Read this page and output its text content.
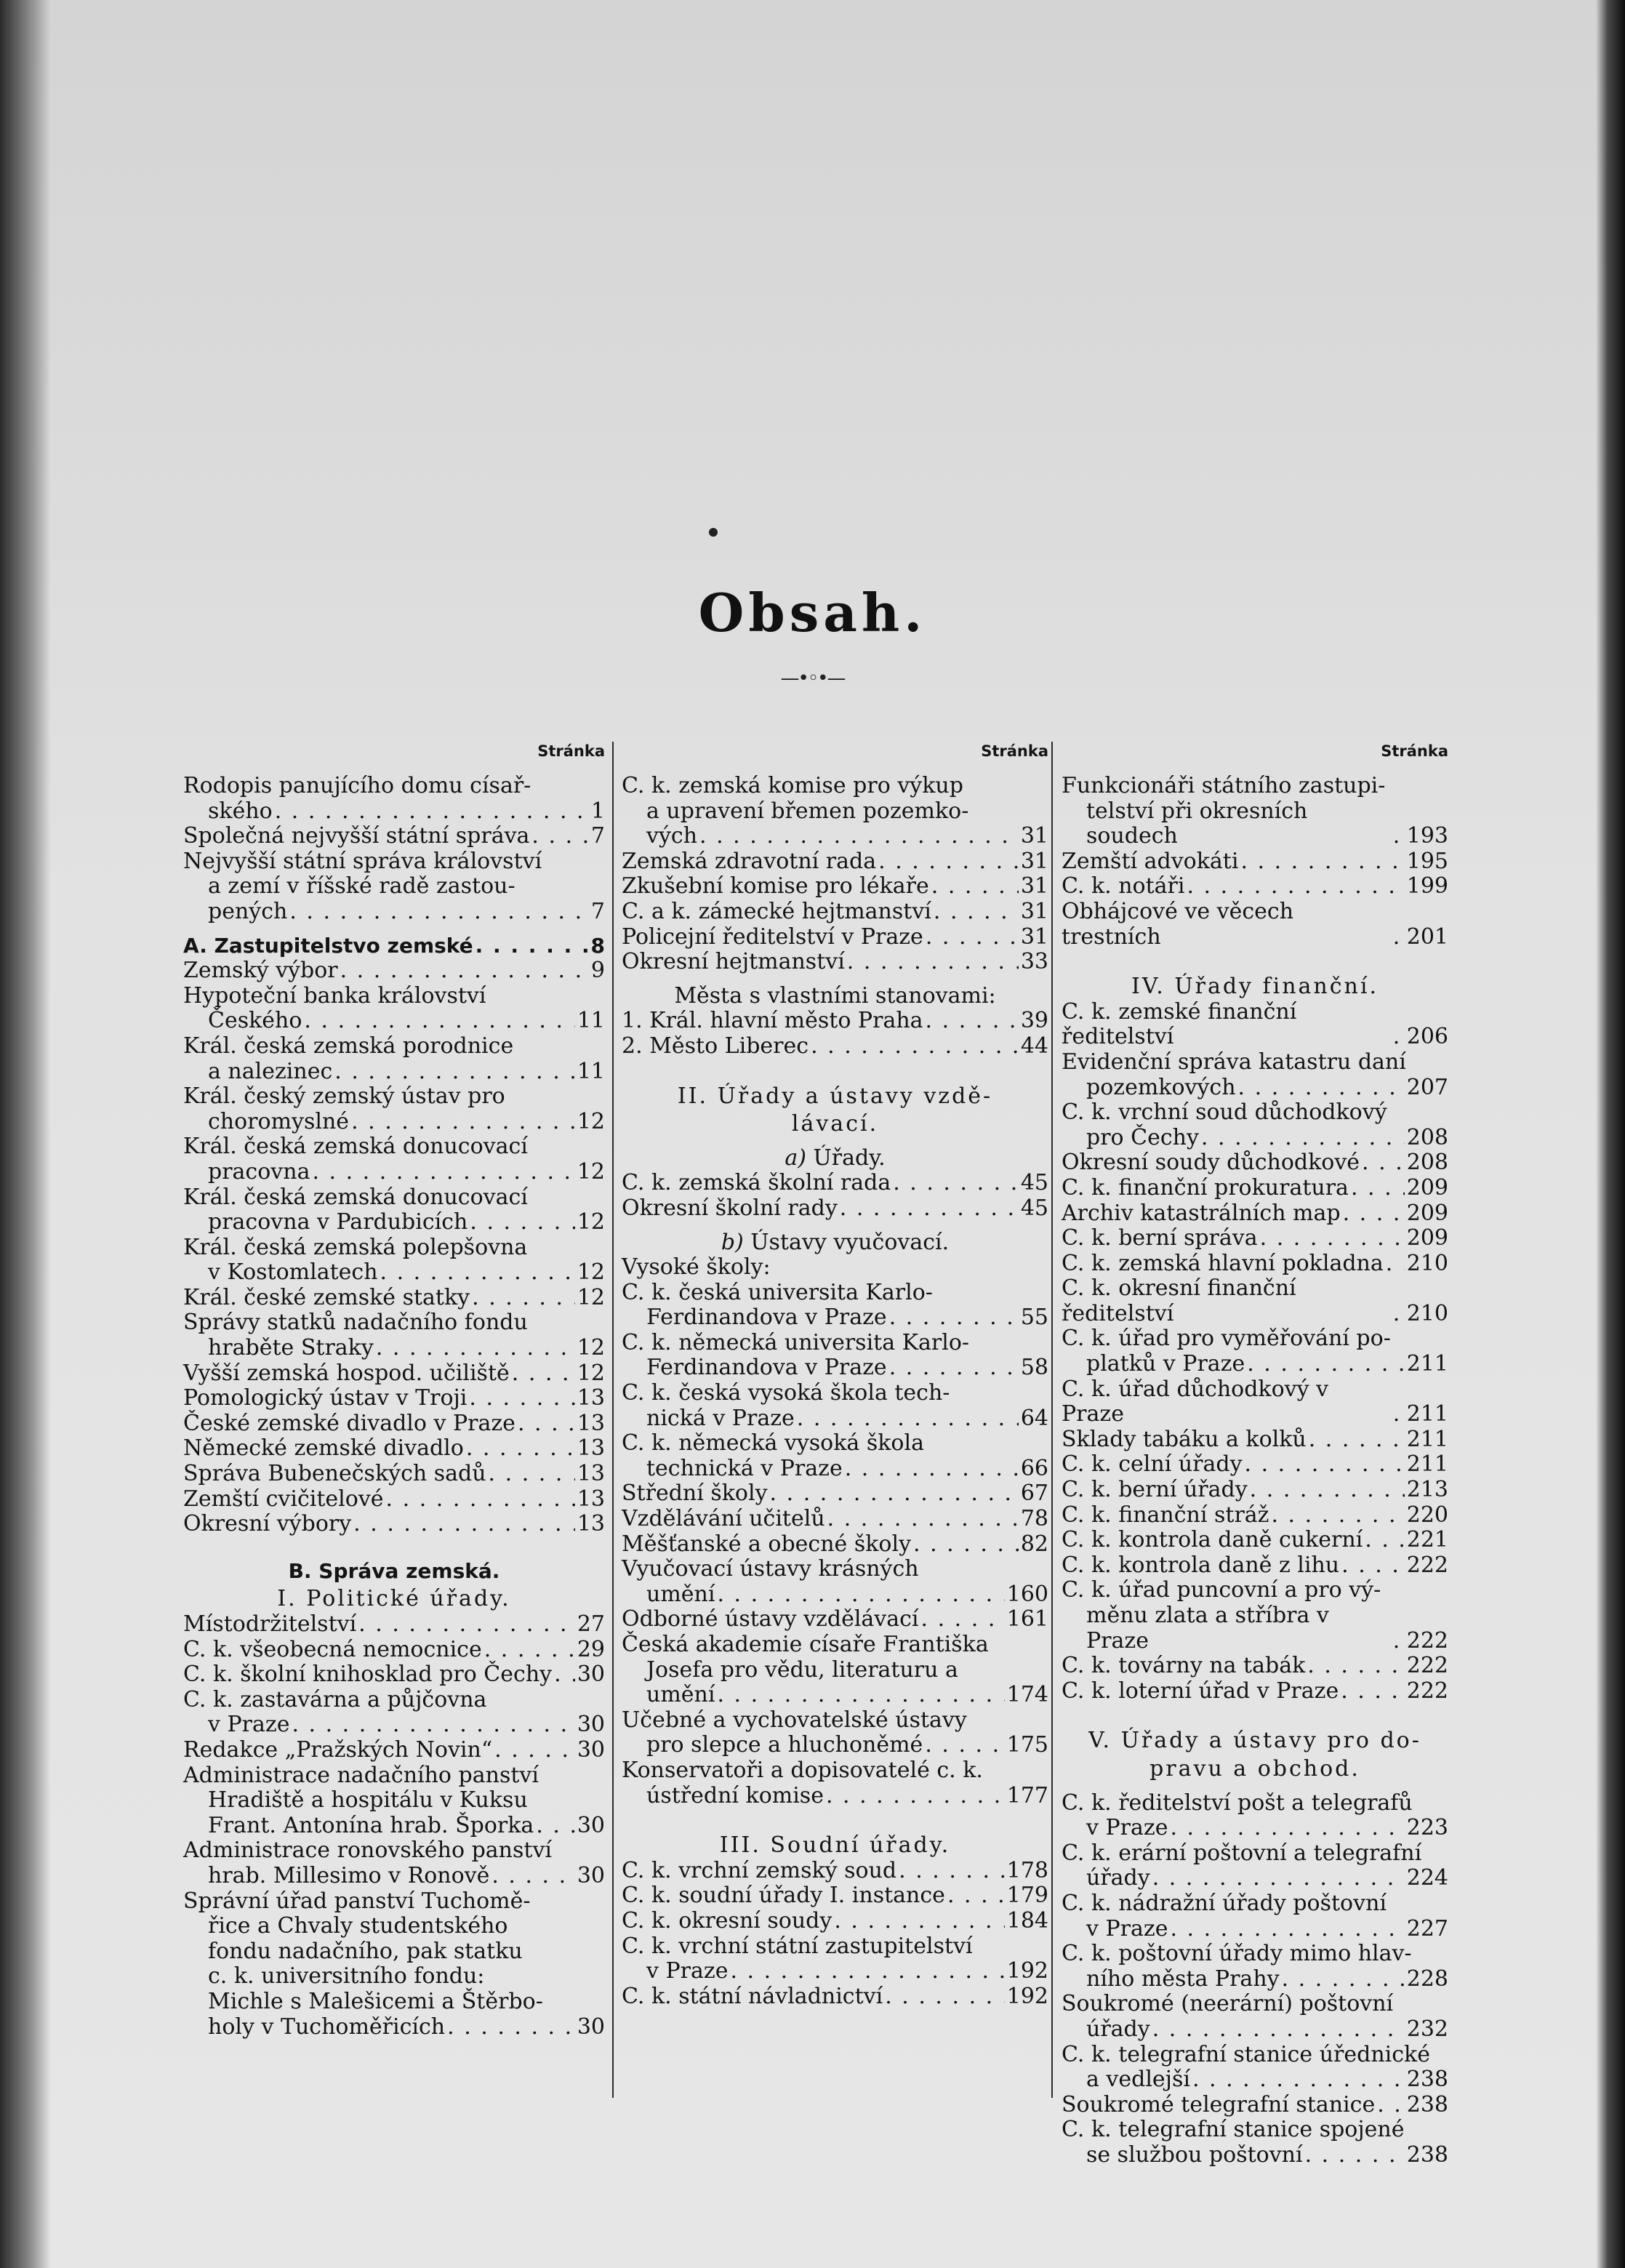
Obsah.
—•◦•—
Stránka
Rodopis panujícího domu císař-
ského . . .	1
Společná nejvyšší státní správa . . .	7
Nejvyšší státní správa království
a zemí v říšské radě zastou-
pených . . .	7
A. Zastupitelstvo zemské . . .	8
Zemský výbor . . .	9
Hypoteční banka království
Českého . . .	11
Král. česká zemská porodnice
a nalezinec . . .	11
Král. český zemský ústav pro
choromyslné . . .	12
Král. česká zemská donucovací
pracovna . . .	12
Král. česká zemská donucovací
pracovna v Pardubicích . . .	12
Král. česká zemská polepšovna
v Kostomlatech . . .	12
Král. české zemské statky . . .	12
Správy statků nadačního fondu
hraběte Straky . . .	12
Vyšší zemská hospod. učiliště . . .	12
Pomologický ústav v Troji . . .	13
České zemské divadlo v Praze . . .	13
Německé zemské divadlo . . .	13
Správa Bubenečských sadů . . .	13
Zemští cvičitelové . . .	13
Okresní výbory . . .	13
B. Správa zemská.
I. Politické úřady.
Místodržitelství . . .	27
C. k. všeobecná nemocnice . . .	29
C. k. školní knihosklad pro Čechy . . . 30
C. k. zastavárna a půjčovna
v Praze . . .	30
Redakce „Pražských Novin“ . . .	30
Administrace nadačního panství
Hradiště a hospitálu v Kuksu
Frant. Antonína hrab. Šporka . . . 30
Administrace ronovského panství
hrab. Millesimo v Ronově . . .	30
Správní úřad panství Tuchomě-
řice a Chvaly studentského
fondu nadačního, pak statku
c. k. universitního fondu:
Michle s Malešicemi a Štěrbo-
holy v Tuchoměřicích . . .	30
Stránka
C. k. zemská komise pro výkup
a upravení břemen pozemko-
vých . . .	31
Zemská zdravotní rada . . .	31
Zkušební komise pro lékaře . . .	31
C. a k. zámecké hejtmanství . . .	31
Policejní ředitelství v Praze . . .	31
Okresní hejtmanství . . .	33
Města s vlastními stanovami:
1. Král. hlavní město Praha . . .	39
2. Město Liberec . . .	44
II. Úřady a ústavy vzdě-
lávací.
a) Úřady.
C. k. zemská školní rada . . .	45
Okresní školní rady . . .	45
b) Ústavy vyučovací.
Vysoké školy:
C. k. česká universita Karlo-
Ferdinandova v Praze . . .	55
C. k. německá universita Karlo-
Ferdinandova v Praze . . .	58
C. k. česká vysoká škola tech-
nická v Praze . . .	64
C. k. německá vysoká škola
technická v Praze . . .	66
Střední školy . . .	67
Vzdělávání učitelů . . .	78
Měšťanské a obecné školy . . .	82
Vyučovací ústavy krásných
umění . . .	160
Odborné ústavy vzdělávací . . .	161
Česká akademie císaře Františka
Josefa pro vědu, literaturu a
umění . . .	174
Učebné a vychovatelské ústavy
pro slepce a hluchoněmé . . .	175
Konservatoři a dopisovatelé c. k.
ústřední komise . . .	177
III. Soudní úřady.
C. k. vrchní zemský soud . . .	178
C. k. soudní úřady I. instance . . .	179
C. k. okresní soudy . . .	184
C. k. vrchní státní zastupitelství
v Praze . . .	192
C. k. státní návladnictví . . .	192
Stránka
Funkcionáři státního zastupi-
telství při okresních soudech . . .	193
Zemští advokáti . . .	195
C. k. notáři . . .	199
Obhájcové ve věcech trestních . . .	201
IV. Úřady finanční.
C. k. zemské finanční ředitelství . . .	206
Evidenční správa katastru daní
pozemkových . . .	207
C. k. vrchní soud důchodkový
pro Čechy . . .	208
Okresní soudy důchodkové . . . 208
C. k. finanční prokuratura . . .	209
Archiv katastrálních map . . .	209
C. k. berní správa . . .	209
C. k. zemská hlavní pokladna . . . 210
C. k. okresní finanční ředitelství . . .	210
C. k. úřad pro vyměřování po-
platků v Praze . . .	211
C. k. úřad důchodkový v Praze . . .	211
Sklady tabáku a kolků . . .	211
C. k. celní úřady . . .	211
C. k. berní úřady . . .	213
C. k. finanční stráž . . .	220
C. k. kontrola daně cukerní . . . 221
C. k. kontrola daně z lihu . . .	222
C. k. úřad puncovní a pro vý-
měnu zlata a stříbra v Praze . . .	222
C. k. továrny na tabák . . .	222
C. k. loterní úřad v Praze . . .	222
V. Úřady a ústavy pro do-
pravu a obchod.
C. k. ředitelství pošt a telegrafů
v Praze . . .	223
C. k. erární poštovní a telegrafní
úřady . . .	224
C. k. nádražní úřady poštovní
v Praze . . .	227
C. k. poštovní úřady mimo hlav-
ního města Prahy . . .	228
Soukromé (neerární) poštovní
úřady . . .	232
C. k. telegrafní stanice úřednické
a vedlejší . . .	238
Soukromé telegrafní stanice . . . 238
C. k. telegrafní stanice spojené
se službou poštovní . . .	238
